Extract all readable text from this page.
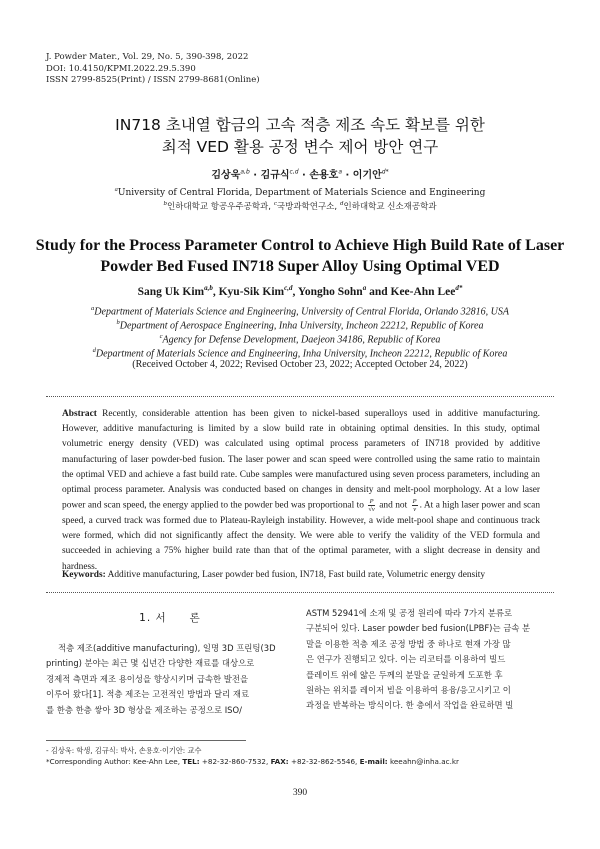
J. Powder Mater., Vol. 29, No. 5, 390-398, 2022
DOI: 10.4150/KPMI.2022.29.5.390
ISSN 2799-8525(Print) / ISSN 2799-8681(Online)
IN718 초내열 합금의 고속 적층 제조 속도 확보를 위한
최적 VED 활용 공정 변수 제어 방안 연구
김상욱$^{a,b}$ · 김규식$^{c,d}$ · 손용호$^a$ · 이기안$^{d*}$
$^a$University of Central Florida, Department of Materials Science and Engineering
$^b$인하대학교 항공우주공학과, $^c$국방과학연구소, $^d$인하대학교 신소재공학과
Study for the Process Parameter Control to Achieve High Build Rate of Laser
Powder Bed Fused IN718 Super Alloy Using Optimal VED
Sang Uk Kim$^{a,b}$, Kyu-Sik Kim$^{c,d}$, Yongho Sohn$^a$ and Kee-Ahn Lee$^{d*}$
$^a$Department of Materials Science and Engineering, University of Central Florida, Orlando 32816, USA
$^b$Department of Aerospace Engineering, Inha University, Incheon 22212, Republic of Korea
$^c$Agency for Defense Development, Daejeon 34186, Republic of Korea
$^d$Department of Materials Science and Engineering, Inha University, Incheon 22212, Republic of Korea
(Received October 4, 2022; Revised October 23, 2022; Accepted October 24, 2022)
Abstract Recently, considerable attention has been given to nickel-based superalloys used in additive manufacturing. However, additive manufacturing is limited by a slow build rate in obtaining optimal densities. In this study, optimal volumetric energy density (VED) was calculated using optimal process parameters of IN718 provided by additive manufacturing of laser powder-bed fusion. The laser power and scan speed were controlled using the same ratio to maintain the optimal VED and achieve a fast build rate. Cube samples were manufactured using seven process parameters, including an optimal process parameter. Analysis was conducted based on changes in density and melt-pool morphology. At a low laser power and scan speed, the energy applied to the powder bed was proportional to $\frac{P}{√v}$ and not $\frac{P}{v}$ . At a high laser power and scan speed, a curved track was formed due to Plateau-Rayleigh instability. However, a wide melt-pool shape and continuous track were formed, which did not significantly affect the density. We were able to verify the validity of the VED formula and succeeded in achieving a 75% higher build rate than that of the optimal parameter, with a slight decrease in density and hardness.
Keywords: Additive manufacturing, Laser powder bed fusion, IN718, Fast build rate, Volumetric energy density
1. 서　　론
적층 제조(additive manufacturing), 일명 3D 프린팅(3D
printing) 분야는 최근 몇 십년간 다양한 재료를 대상으로
경제적 측면과 제조 용이성을 향상시키며 급속한 발전을
이루어 왔다[1]. 적층 제조는 고전적인 방법과 달리 재료
를 한층 한층 쌓아 3D 형상을 제조하는 공정으로 ISO/
ASTM 52941에 소재 및 공정 원리에 따라 7가지 분류로
구분되어 있다. Laser powder bed fusion(LPBF)는 금속 분
말을 이용한 적층 제조 공정 방법 중 하나로 현재 가장 많
은 연구가 진행되고 있다. 이는 리코터를 이용하여 빌드
플레이트 위에 얇은 두께의 분말을 균일하게 도포한 후
원하는 위치를 레이저 빔을 이용하여 용융/응고시키고 이
과정을 반복하는 방식이다. 한 층에서 작업을 완료하면 빌
- 김상욱: 학생, 김규식: 박사, 손용호·이기안: 교수
*Corresponding Author: Kee-Ahn Lee, TEL: +82-32-860-7532, FAX: +82-32-862-5546, E-mail: keeahn@inha.ac.kr
390
